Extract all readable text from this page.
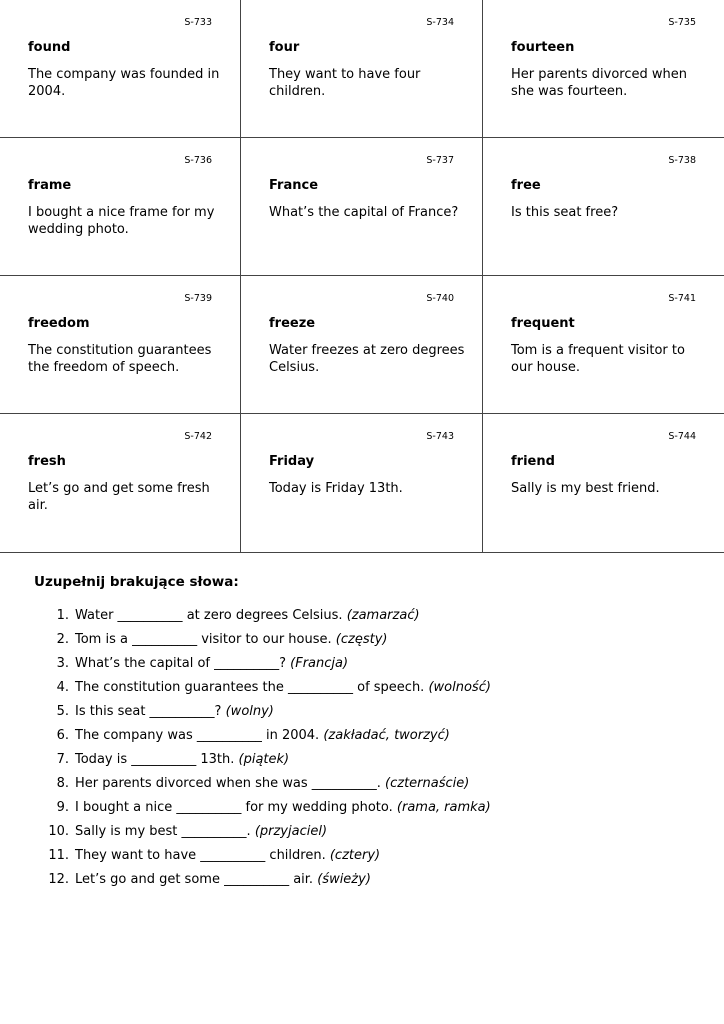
S-733
found
The company was founded in 2004.
S-734
four
They want to have four children.
S-735
fourteen
Her parents divorced when she was fourteen.
S-736
frame
I bought a nice frame for my wedding photo.
S-737
France
What’s the capital of France?
S-738
free
Is this seat free?
S-739
freedom
The constitution guarantees the freedom of speech.
S-740
freeze
Water freezes at zero degrees Celsius.
S-741
frequent
Tom is a frequent visitor to our house.
S-742
fresh
Let’s go and get some fresh air.
S-743
Friday
Today is Friday 13th.
S-744
friend
Sally is my best friend.
Uzupełnij brakujące słowa:
1. Water __________ at zero degrees Celsius. (zamarzać)
2. Tom is a __________ visitor to our house. (częsty)
3. What’s the capital of __________? (Francja)
4. The constitution guarantees the __________ of speech. (wolność)
5. Is this seat __________? (wolny)
6. The company was __________ in 2004. (zakładać, tworzyć)
7. Today is __________ 13th. (piątek)
8. Her parents divorced when she was __________. (czternaście)
9. I bought a nice __________ for my wedding photo. (rama, ramka)
10. Sally is my best __________. (przyjaciel)
11. They want to have __________ children. (cztery)
12. Let’s go and get some __________ air. (świeży)
